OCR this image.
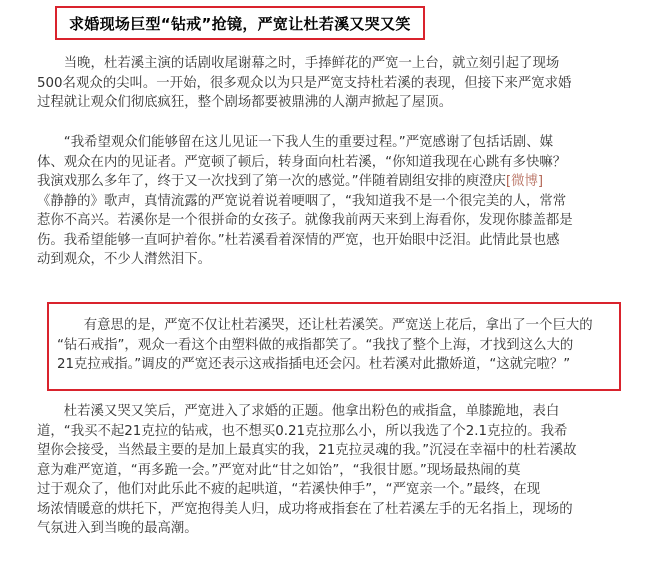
求婚现场巨型“钻戒”抢镜，严宽让杜若溪又哭又笑
　　当晚，杜若溪主演的话剧收尾谢幕之时，手捧鲜花的严宽一上台，就立刻引起了现场
500名观众的尖叫。一开始，很多观众以为只是严宽支持杜若溪的表现，但接下来严宽求婚
过程就让观众们彻底疯狂，整个剧场都要被鼎沸的人潮声掀起了屋顶。
　　“我希望观众们能够留在这儿见证一下我人生的重要过程。”严宽感谢了包括话剧、媒
体、观众在内的见证者。严宽顿了顿后，转身面向杜若溪，“你知道我现在心跳有多快嘛？
我演戏那么多年了，终于又一次找到了第一次的感觉。”伴随着剧组安排的庾澄庆[微博]
《静静的》歌声，真情流露的严宽说着说着哽咽了，“我知道我不是一个很完美的人，常常
惹你不高兴。若溪你是一个很拼命的女孩子。就像我前两天来到上海看你，发现你膝盖都是
伤。我希望能够一直呵护着你。”杜若溪看着深情的严宽，也开始眼中泛泪。此情此景也感
动到观众，不少人潸然泪下。
　　有意思的是，严宽不仅让杜若溪哭，还让杜若溪笑。严宽送上花后，拿出了一个巨大的
“钻石戒指”，观众一看这个由塑料做的戒指都笑了。“我找了整个上海，才找到这么大的
21克拉戒指。”调皮的严宽还表示这戒指插电还会闪。杜若溪对此撒娇道，“这就完啦？”
　　杜若溪又哭又笑后，严宽进入了求婚的正题。他拿出粉色的戒指盒，单膝跪地，表白
道，“我买不起21克拉的钻戒，也不想买0.21克拉那么小，所以我选了个2.1克拉的。我希
望你会接受，当然最主要的是加上最真实的我，21克拉灵魂的我。”沉浸在幸福中的杜若溪故
意为难严宽道，“再多跪一会。”严宽对此“甘之如饴”，“我很甘愿。”现场最热闹的莫
过于观众了，他们对此乐此不疲的起哄道，“若溪快伸手”，“严宽亲一个。”最终，在现
场浓情暖意的烘托下，严宽抱得美人归，成功将戒指套在了杜若溪左手的无名指上，现场的
气氛进入到当晚的最高潮。
